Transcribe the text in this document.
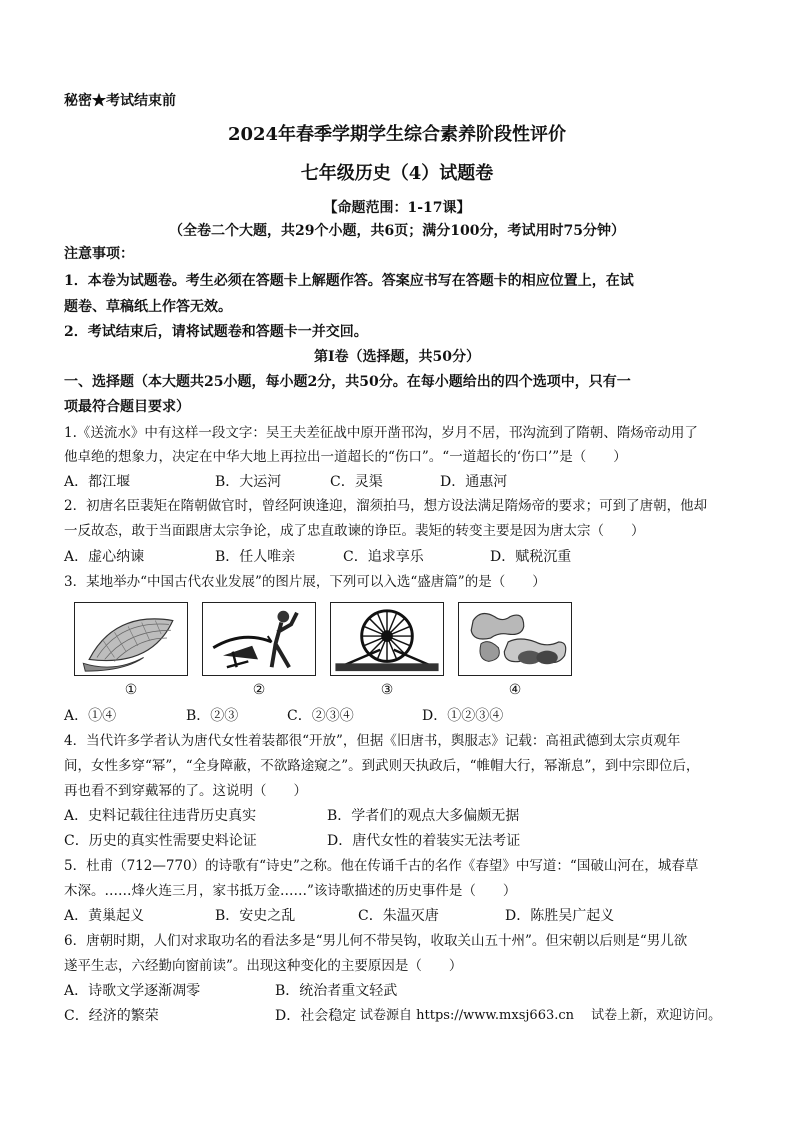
秘密★考试结束前
2024年春季学期学生综合素养阶段性评价
七年级历史（4）试题卷
【命题范围：1-17课】
（全卷二个大题，共29个小题，共6页；满分100分，考试用时75分钟）
注意事项：
1．本卷为试题卷。考生必须在答题卡上解题作答。答案应书写在答题卡的相应位置上，在试
题卷、草稿纸上作答无效。
2．考试结束后，请将试题卷和答题卡一并交回。
第Ⅰ卷（选择题，共50分）
一、选择题（本大题共25小题，每小题2分，共50分。在每小题给出的四个选项中，只有一
项最符合题目要求）
1.《送流水》中有这样一段文字：吴王夫差征战中原开凿邗沟，岁月不居，邗沟流到了隋朝、隋炀帝动用了
他卓绝的想象力，决定在中华大地上再拉出一道超长的“伤口”。“一道超长的‘伤口’”是（　　）
A．都江堰	B．大运河	C．灵渠	D．通惠河
2．初唐名臣裴矩在隋朝做官时，曾经阿谀逢迎，溜须拍马，想方设法满足隋炀帝的要求；可到了唐朝，他却
一反故态，敢于当面跟唐太宗争论，成了忠直敢谏的诤臣。裴矩的转变主要是因为唐太宗（　　）
A．虚心纳谏	B．任人唯亲	C．追求享乐	D．赋税沉重
3．某地举办“中国古代农业发展”的图片展，下列可以入选“盛唐篇”的是（　　）
①	②	③	④
A．①④	B．②③	C．②③④	D．①②③④
4．当代许多学者认为唐代女性着装都很“开放”，但据《旧唐书，舆服志》记载：高祖武德到太宗贞观年
间，女性多穿“幂”，“全身障蔽，不欲路途窥之”。到武则天执政后，“帷帽大行，幂渐息”，到中宗即位后，
再也看不到穿戴幂的了。这说明（　　）
A．史料记载往往违背历史真实	B．学者们的观点大多偏颇无据
C．历史的真实性需要史料论证	D．唐代女性的着装实无法考证
5．杜甫（712—770）的诗歌有“诗史”之称。他在传诵千古的名作《春望》中写道：“国破山河在，城春草
木深。……烽火连三月，家书抵万金……”该诗歌描述的历史事件是（　　）
A．黄巢起义	B．安史之乱	C．朱温灭唐	D．陈胜吴广起义
6．唐朝时期，人们对求取功名的看法多是“男儿何不带吴钩，收取关山五十州”。但宋朝以后则是“男儿欲
遂平生志，六经勤向窗前读”。出现这种变化的主要原因是（　　）
A．诗歌文学逐渐凋零	B．统治者重文轻武
C．经济的繁荣	D．社会稳定 试卷源自 https://www.mxsj663.cn　 试卷上新，欢迎访问。
